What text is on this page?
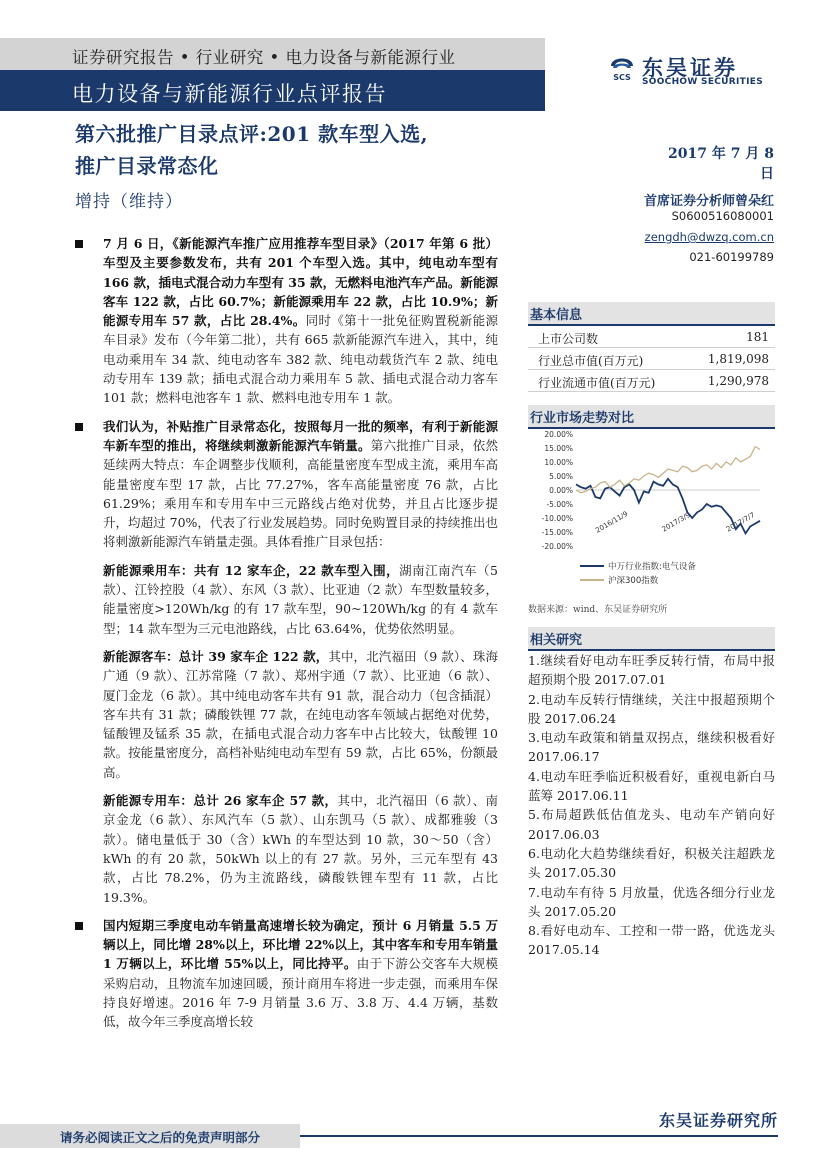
证券研究报告 • 行业研究 • 电力设备与新能源行业
电力设备与新能源行业点评报告
SCS 东吴证券
SOOCHOW SECURITIES
第六批推广目录点评:201 款车型入选,
推广目录常态化
增持（维持）
2017 年 7 月 8 日
首席证券分析师曾朵红
S0600516080001
zengdh@dwzq.com.cn
021-60199789
7 月 6 日，《新能源汽车推广应用推荐车型目录》（2017 年第 6 批）车型及主要参数发布，共有 201 个车型入选。其中，纯电动车型有 166 款，插电式混合动力车型有 35 款，无燃料电池汽车产品。新能源客车 122 款，占比 60.7%；新能源乘用车 22 款，占比 10.9%；新能源专用车 57 款，占比 28.4%。同时《第十一批免征购置税新能源车目录》发布（今年第二批），共有 665 款新能源汽车进入，其中，纯电动乘用车 34 款、纯电动客车 382 款、纯电动载货汽车 2 款、纯电动专用车 139 款；插电式混合动力乘用车 5 款、插电式混合动力客车 101 款；燃料电池客车 1 款、燃料电池专用车 1 款。
我们认为，补贴推广目录常态化，按照每月一批的频率，有利于新能源车新车型的推出，将继续刺激新能源汽车销量。第六批推广目录，依然延续两大特点：车企调整步伐顺利，高能量密度车型成主流，乘用车高能量密度车型 17 款，占比 77.27%，客车高能量密度 76 款，占比 61.29%；乘用车和专用车中三元路线占绝对优势，并且占比逐步提升，均超过 70%，代表了行业发展趋势。同时免购置目录的持续推出也将刺激新能源汽车销量走强。具体看推广目录包括：
新能源乘用车：共有 12 家车企，22 款车型入围，湖南江南汽车（5 款）、江铃控股（4 款）、东风（3 款）、比亚迪（2 款）车型数量较多，能量密度>120Wh/kg 的有 17 款车型，90~120Wh/kg 的有 4 款车型；14 款车型为三元电池路线，占比 63.64%，优势依然明显。
新能源客车：总计 39 家车企 122 款，其中，北汽福田（9 款）、珠海广通（9 款）、江苏常隆（7 款）、郑州宇通（7 款）、比亚迪（6 款）、厦门金龙（6 款）。其中纯电动客车共有 91 款，混合动力（包含插混）客车共有 31 款；磷酸铁锂 77 款，在纯电动客车领域占据绝对优势，锰酸锂及锰系 35 款，在插电式混合动力客车中占比较大，钛酸锂 10 款。按能量密度分，高档补贴纯电动车型有 59 款，占比 65%，份额最高。
新能源专用车：总计 26 家车企 57 款，其中，北汽福田（6 款）、南京金龙（6 款）、东风汽车（5 款）、山东凯马（5 款）、成都雅骏（3 款）。储电量低于 30（含）kWh 的车型达到 10 款，30～50（含）kWh 的有 20 款，50kWh 以上的有 27 款。另外，三元车型有 43 款，占比 78.2%，仍为主流路线，磷酸铁锂车型有 11 款，占比 19.3%。
国内短期三季度电动车销量高速增长较为确定，预计 6 月销量 5.5 万辆以上，同比增 28%以上，环比增 22%以上，其中客车和专用车销量 1 万辆以上，环比增 55%以上，同比持平。由于下游公交客车大规模采购启动，且物流车加速回暖，预计商用车将进一步走强，而乘用车保持良好增速。2016 年 7-9 月销量 3.6 万、3.8 万、4.4 万辆，基数低，故今年三季度高增长较
基本信息
上市公司数	181
行业总市值(百万元)	1,819,098
行业流通市值(百万元)	1,290,978
行业市场走势对比
20.00%
15.00%
10.00%
5.00%
0.00%
-5.00%
-10.00%
-15.00%
-20.00%
2016/11/9	2017/3/9	2017/7/7
中万行业指数:电气设备
沪深300指数
数据来源：wind、东吴证券研究所
相关研究
1.继续看好电动车旺季反转行情，布局中报超预期个股 2017.07.01
2.电动车反转行情继续，关注中报超预期个股 2017.06.24
3.电动车政策和销量双拐点，继续积极看好 2017.06.17
4.电动车旺季临近积极看好，重视电新白马蓝筹 2017.06.11
5.布局超跌低估值龙头、电动车产销向好 2017.06.03
6.电动化大趋势继续看好，积极关注超跌龙头 2017.05.30
7.电动车有待 5 月放量，优选各细分行业龙头 2017.05.20
8.看好电动车、工控和一带一路，优选龙头 2017.05.14
请务必阅读正文之后的免责声明部分
东吴证券研究所
